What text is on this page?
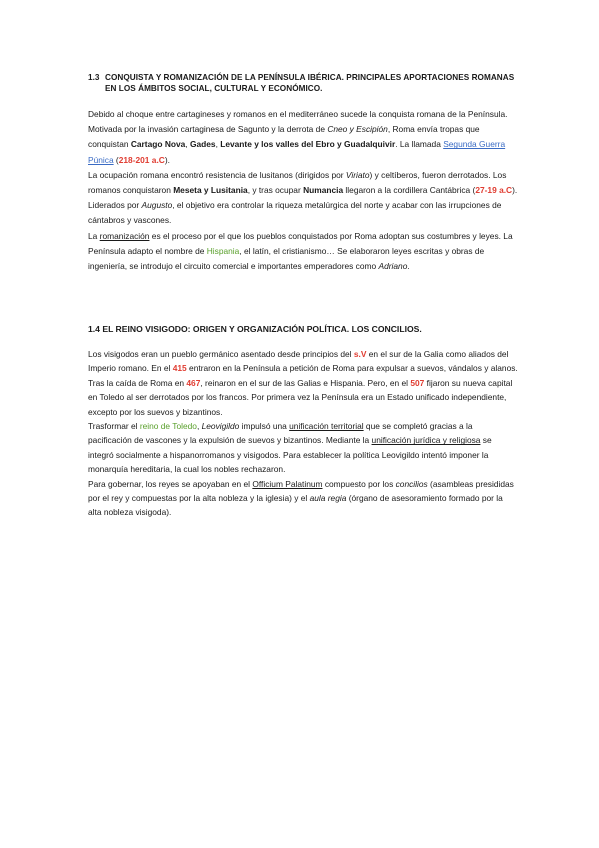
1.3 CONQUISTA Y ROMANIZACIÓN DE LA PENÍNSULA IBÉRICA. PRINCIPALES APORTACIONES ROMANAS EN LOS ÁMBITOS SOCIAL, CULTURAL Y ECONÓMICO.

Debido al choque entre cartagineses y romanos en el mediterráneo sucede la conquista romana de la Península.

Motivada por la invasión cartaginesa de Sagunto y la derrota de Cneo y Escipión, Roma envía tropas que conquistan Cartago Nova, Gades, Levante y los valles del Ebro y Guadalquivir. La llamada Segunda Guerra Púnica (218-201 a.C).

La ocupación romana encontró resistencia de lusitanos (dirigidos por Viriato) y celtíberos, fueron derrotados. Los romanos conquistaron Meseta y Lusitania, y tras ocupar Numancia llegaron a la cordillera Cantábrica (27-19 a.C). Liderados por Augusto, el objetivo era controlar la riqueza metalúrgica del norte y acabar con las irrupciones de cántabros y vascones.

La romanización es el proceso por el que los pueblos conquistados por Roma adoptan sus costumbres y leyes. La Península adapto el nombre de Hispania, el latín, el cristianismo… Se elaboraron leyes escritas y obras de ingeniería, se introdujo el circuito comercial e importantes emperadores como Adriano.

1.4 EL REINO VISIGODO: ORIGEN Y ORGANIZACIÓN POLÍTICA. LOS CONCILIOS.

Los visigodos eran un pueblo germánico asentado desde principios del s.V en el sur de la Galia como aliados del Imperio romano. En el 415 entraron en la Península a petición de Roma para expulsar a suevos, vándalos y alanos. Tras la caída de Roma en 467, reinaron en el sur de las Galias e Hispania. Pero, en el 507 fijaron su nueva capital en Toledo al ser derrotados por los francos. Por primera vez la Península era un Estado unificado independiente, excepto por los suevos y bizantinos.

Trasformar el reino de Toledo, Leovigildo impulsó una unificación territorial que se completó gracias a la pacificación de vascones y la expulsión de suevos y bizantinos. Mediante la unificación jurídica y religiosa se integró socialmente a hispanorromanos y visigodos. Para establecer la política Leovigildo intentó imponer la monarquía hereditaria, la cual los nobles rechazaron.

Para gobernar, los reyes se apoyaban en el Officium Palatinum compuesto por los concilios (asambleas presididas por el rey y compuestas por la alta nobleza y la iglesia) y el aula regia (órgano de asesoramiento formado por la alta nobleza visigoda).
